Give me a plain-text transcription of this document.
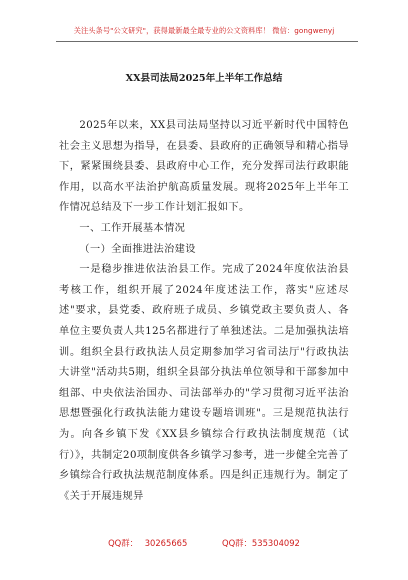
关注头条号"公文研究"，获得最新最全最专业的公文资料库！ 微信：gongwenyj
XX县司法局2025年上半年工作总结

2025年以来，XX县司法局坚持以习近平新时代中国特色社会主义思想为指导，在县委、县政府的正确领导和精心指导下，紧紧围绕县委、县政府中心工作，充分发挥司法行政职能作用，以高水平法治护航高质量发展。现将2025年上半年工作情况总结及下一步工作计划汇报如下。

一、工作开展基本情况

（一）全面推进法治建设

一是稳步推进依法治县工作。完成了2024年度依法治县考核工作，组织开展了2024年度述法工作，落实"应述尽述"要求，县党委、政府班子成员、乡镇党政主要负责人、各单位主要负责人共125名都进行了单独述法。二是加强执法培训。组织全县行政执法人员定期参加学习省司法厅"行政执法大讲堂"活动共5期，组织全县部分执法单位领导和干部参加中组部、中央依法治国办、司法部举办的"学习贯彻习近平法治思想暨强化行政执法能力建设专题培训班"。三是规范执法行为。向各乡镇下发《XX县乡镇综合行政执法制度规范（试行）》，共制定20项制度供各乡镇学习参考，进一步健全完善了乡镇综合行政执法规范制度体系。四是纠正违规行为。制定了《关于开展违规异

QQ群： 30265665	QQ群：535304092
